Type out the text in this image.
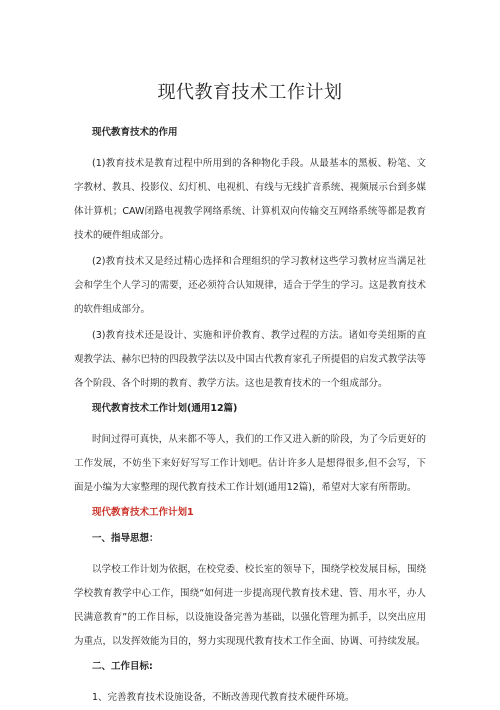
现代教育技术工作计划
现代教育技术的作用

(1)教育技术是教育过程中所用到的各种物化手段。从最基本的黑板、粉笔、文字教材、教具、投影仪、幻灯机、电视机、有线与无线扩音系统、视频展示台到多媒体计算机；CAW闭路电视教学网络系统、计算机双向传输交互网络系统等都是教育技术的硬件组成部分。

(2)教育技术又是经过精心选择和合理组织的学习教材这些学习教材应当满足社会和学生个人学习的需要，还必须符合认知规律，适合于学生的学习。这是教育技术的软件组成部分。

(3)教育技术还是设计、实施和评价教育、教学过程的方法。诸如夸美纽斯的直观教学法、赫尔巴特的四段教学法以及中国古代教育家孔子所提倡的启发式教学法等各个阶段、各个时期的教育、教学方法。这也是教育技术的一个组成部分。

现代教育技术工作计划(通用12篇)

时间过得可真快，从来都不等人，我们的工作又进入新的阶段，为了今后更好的工作发展，不妨坐下来好好写写工作计划吧。估计许多人是想得很多,但不会写，下面是小编为大家整理的现代教育技术工作计划(通用12篇)，希望对大家有所帮助。

现代教育技术工作计划1
一、指导思想：

以学校工作计划为依据，在校党委、校长室的领导下，围绕学校发展目标，围绕学校教育教学中心工作，围绕“如何进一步提高现代教育技术建、管、用水平，办人民满意教育”的工作目标，以设施设备完善为基础，以强化管理为抓手，以突出应用为重点，以发挥效能为目的，努力实现现代教育技术工作全面、协调、可持续发展。

二、工作目标:

1、完善教育技术设施设备，不断改善现代教育技术硬件环境。
